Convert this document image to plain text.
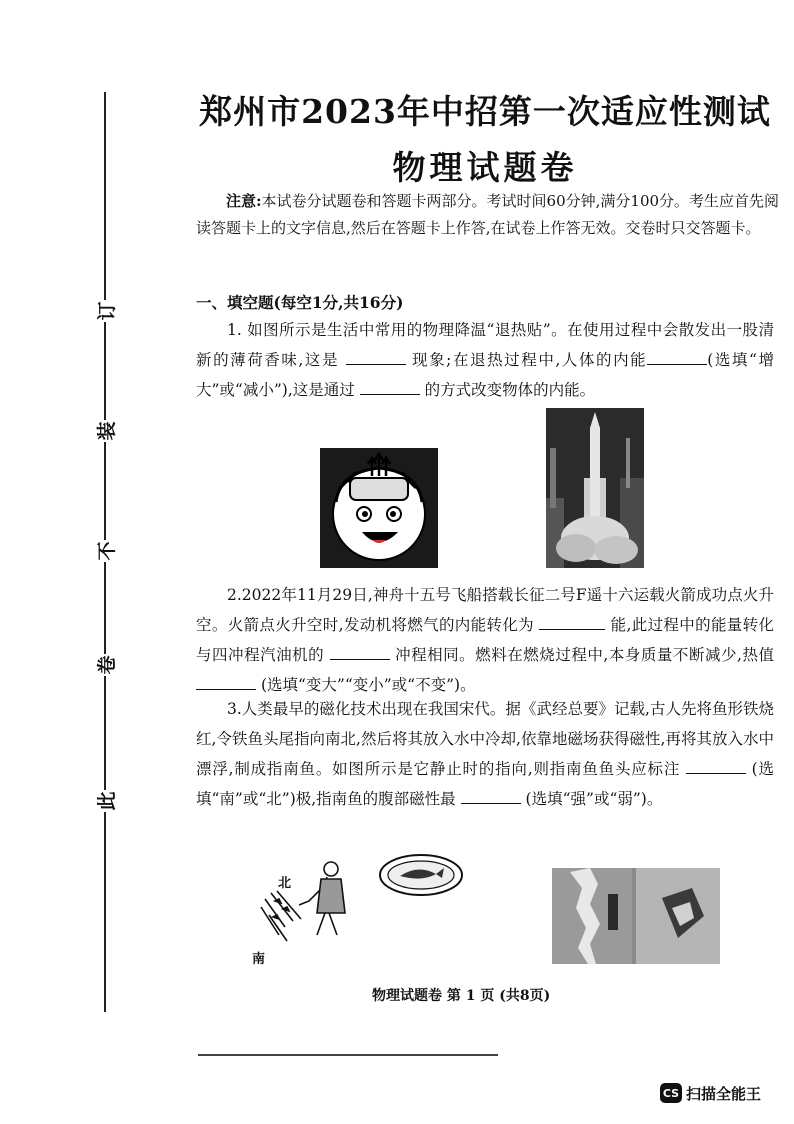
此
卷
不
装
订
郑州市2023年中招第一次适应性测试
物理试题卷
注意:本试卷分试题卷和答题卡两部分。考试时间60分钟,满分100分。考生应首先阅读答题卡上的文字信息,然后在答题卡上作答,在试卷上作答无效。交卷时只交答题卡。
一、填空题(每空1分,共16分)
1. 如图所示是生活中常用的物理降温“退热贴”。在使用过程中会散发出一股清新的薄荷香味,这是	现象;在退热过程中,人体的内能	(选填“增大”或“减小”),这是通过	的方式改变物体的内能。
2.2022年11月29日,神舟十五号飞船搭载长征二号F遥十六运载火箭成功点火升空。火箭点火升空时,发动机将燃气的内能转化为	能,此过程中的能量转化与四冲程汽油机的	冲程相同。燃料在燃烧过程中,本身质量不断减少,热值  (选填“变大”“变小”或“不变”)。
3.人类最早的磁化技术出现在我国宋代。据《武经总要》记载,古人先将鱼形铁烧红,令铁鱼头尾指向南北,然后将其放入水中冷却,依靠地磁场获得磁性,再将其放入水中漂浮,制成指南鱼。如图所示是它静止时的指向,则指南鱼鱼头应标注	(选填“南”或“北”)极,指南鱼的腹部磁性最	(选填“强”或“弱”)。
北
南
物理试题卷 第 1 页 (共8页)
CS 扫描全能王
